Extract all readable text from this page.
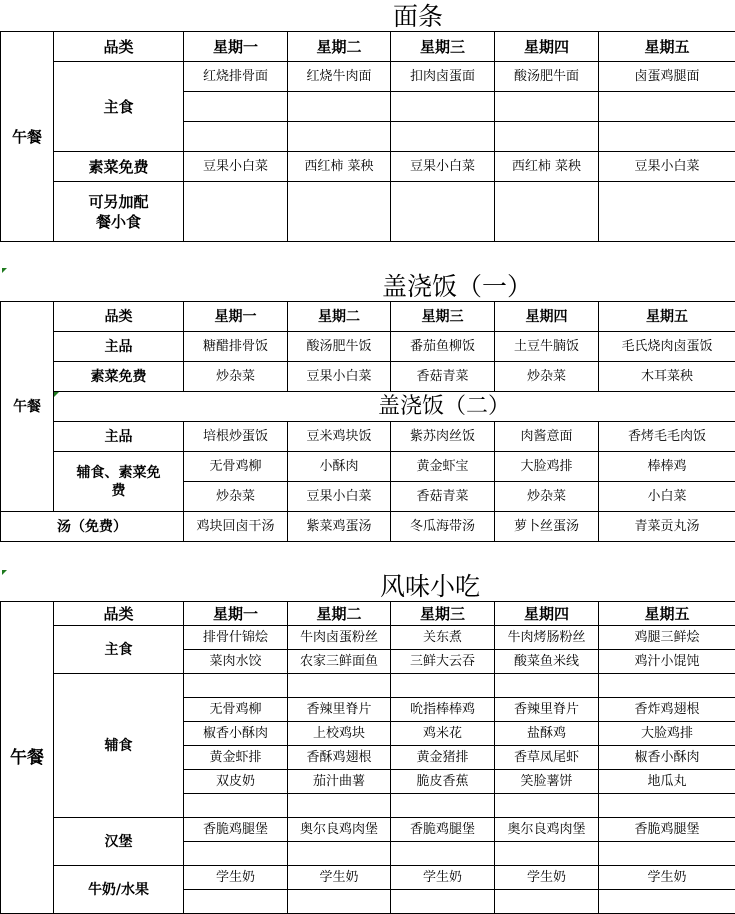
面条
午餐	品类	星期一	星期二	星期三	星期四	星期五
	主食	红烧排骨面	红烧牛肉面	扣肉卤蛋面	酸汤肥牛面	卤蛋鸡腿面

	素菜免费	豆果小白菜	西红柿 菜秧	豆果小白菜	西红柿 菜秧	豆果小白菜
	可另加配餐小食					
盖浇饭（一）
午餐	品类	星期一	星期二	星期三	星期四	星期五
	主品	糖醋排骨饭	酸汤肥牛饭	番茄鱼柳饭	土豆牛腩饭	毛氏烧肉卤蛋饭
	素菜免费	炒杂菜	豆果小白菜	香菇青菜	炒杂菜	木耳菜秧
	盖浇饭（二）					
	主品	培根炒蛋饭	豆米鸡块饭	紫苏肉丝饭	肉酱意面	香烤毛毛肉饭
	辅食、素菜免费	无骨鸡柳	小酥肉	黄金虾宝	大脸鸡排	棒棒鸡
		炒杂菜	豆果小白菜	香菇青菜	炒杂菜	小白菜
汤（免费）		鸡块回卤干汤	紫菜鸡蛋汤	冬瓜海带汤	萝卜丝蛋汤	青菜贡丸汤
风味小吃
午餐	品类	星期一	星期二	星期三	星期四	星期五
	主食	排骨什锦烩	牛肉卤蛋粉丝	关东煮	牛肉烤肠粉丝	鸡腿三鲜烩
		菜肉水饺	农家三鲜面鱼	三鲜大云吞	酸菜鱼米线	鸡汁小馄饨
	辅食					
		无骨鸡柳	香辣里脊片	吮指棒棒鸡	香辣里脊片	香炸鸡翅根
		椒香小酥肉	上校鸡块	鸡米花	盐酥鸡	大脸鸡排
		黄金虾排	香酥鸡翅根	黄金猪排	香草凤尾虾	椒香小酥肉
		双皮奶	茄汁曲薯	脆皮香蕉	笑脸薯饼	地瓜丸

	汉堡	香脆鸡腿堡	奥尔良鸡肉堡	香脆鸡腿堡	奥尔良鸡肉堡	香脆鸡腿堡

	牛奶/水果	学生奶	学生奶	学生奶	学生奶	学生奶
